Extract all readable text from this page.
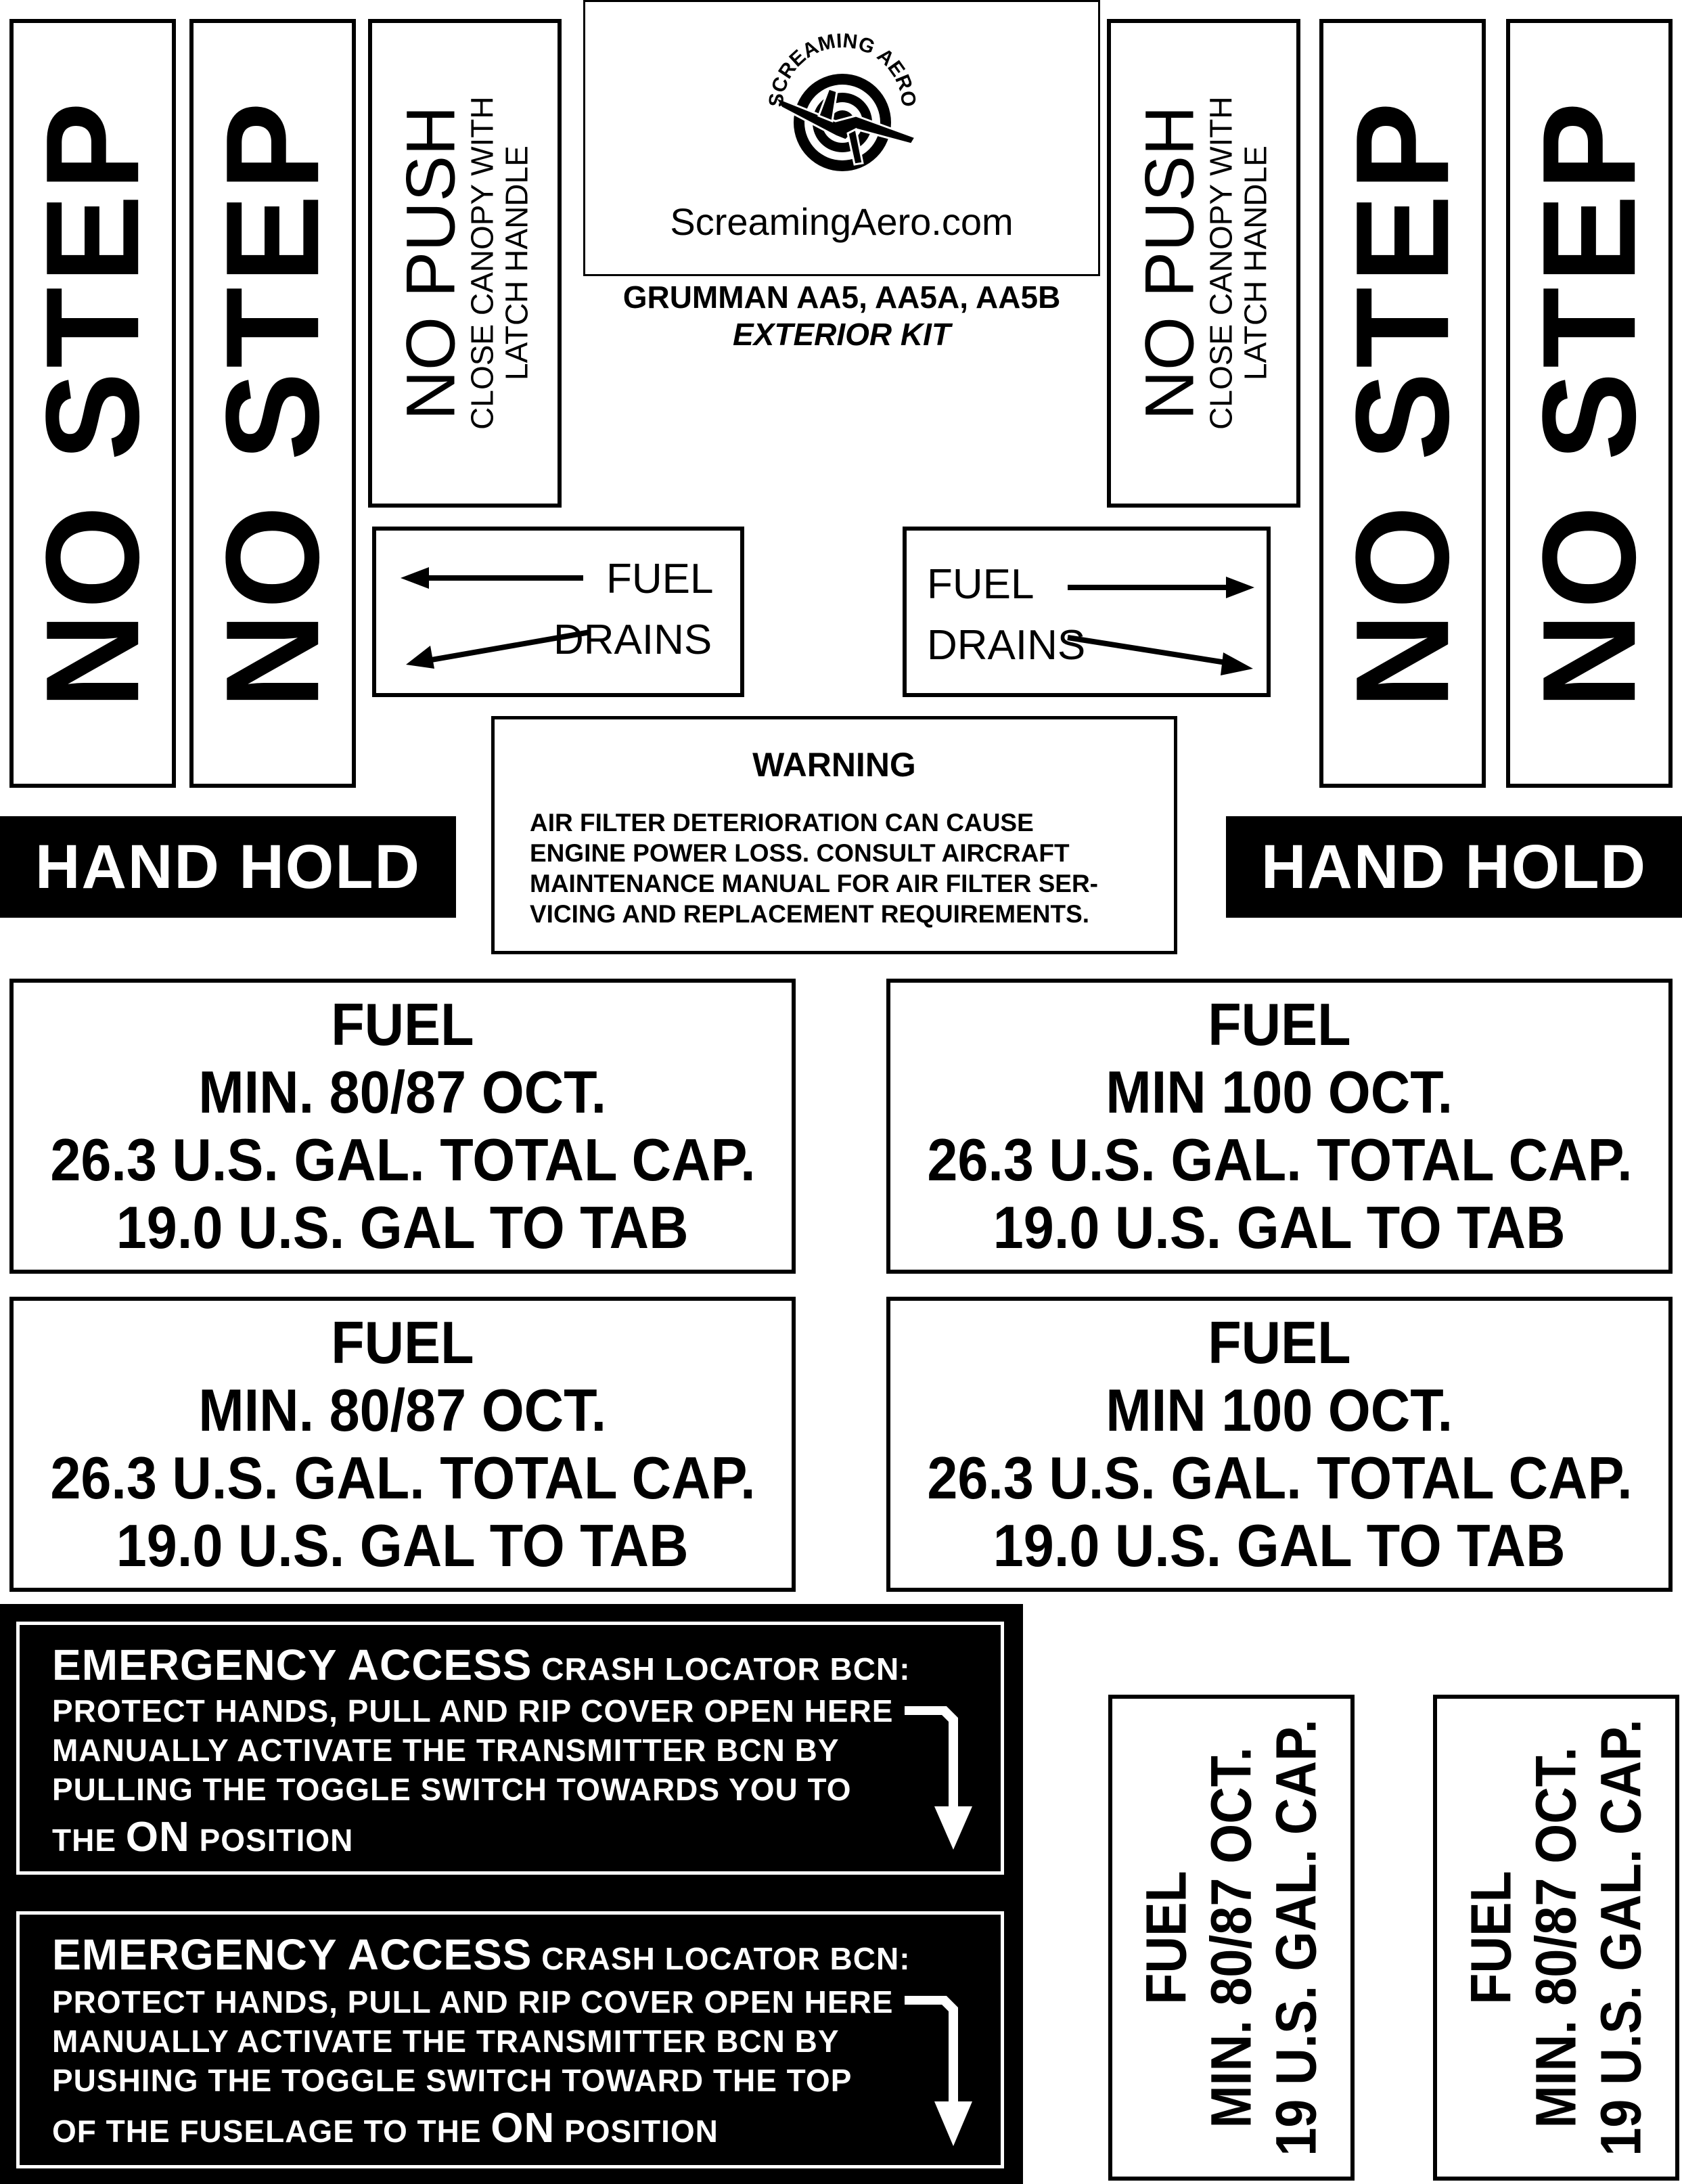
NO STEP NO STEP NO PUSH
CLOSE CANOPY WITH
LATCH HANDLE
SCREAMING AERO
ScreamingAero.com
GRUMMAN AA5, AA5A, AA5B
EXTERIOR KIT	NO PUSH
CLOSE CANOPY WITH
LATCH HANDLE NO STEP NO STEP
FUEL
DRAINS
FUEL
DRAINS
HAND HOLD	HAND HOLD
WARNING
AIR FILTER DETERIORATION CAN CAUSE
ENGINE POWER LOSS. CONSULT AIRCRAFT
MAINTENANCE MANUAL FOR AIR FILTER SER-
VICING AND REPLACEMENT REQUIREMENTS.
FUEL
MIN. 80/87 OCT.
26.3 U.S. GAL. TOTAL CAP.
19.0 U.S. GAL TO TAB
FUEL
MIN 100 OCT.
26.3 U.S. GAL. TOTAL CAP.
19.0 U.S. GAL TO TAB
FUEL
MIN. 80/87 OCT.
26.3 U.S. GAL. TOTAL CAP.
19.0 U.S. GAL TO TAB
FUEL
MIN 100 OCT.
26.3 U.S. GAL. TOTAL CAP.
19.0 U.S. GAL TO TAB
EMERGENCY ACCESS CRASH LOCATOR BCN:
PROTECT HANDS, PULL AND RIP COVER OPEN HERE
MANUALLY ACTIVATE THE TRANSMITTER BCN BY
PULLING THE TOGGLE SWITCH TOWARDS YOU TO
THE ON POSITION
EMERGENCY ACCESS CRASH LOCATOR BCN:
PROTECT HANDS, PULL AND RIP COVER OPEN HERE
MANUALLY ACTIVATE THE TRANSMITTER BCN BY
PUSHING THE TOGGLE SWITCH TOWARD THE TOP
OF THE FUSELAGE TO THE ON POSITION
FUEL MIN. 80/87 OCT. 19 U.S. GAL. CAP. FUEL MIN. 80/87 OCT. 19 U.S. GAL. CAP.
